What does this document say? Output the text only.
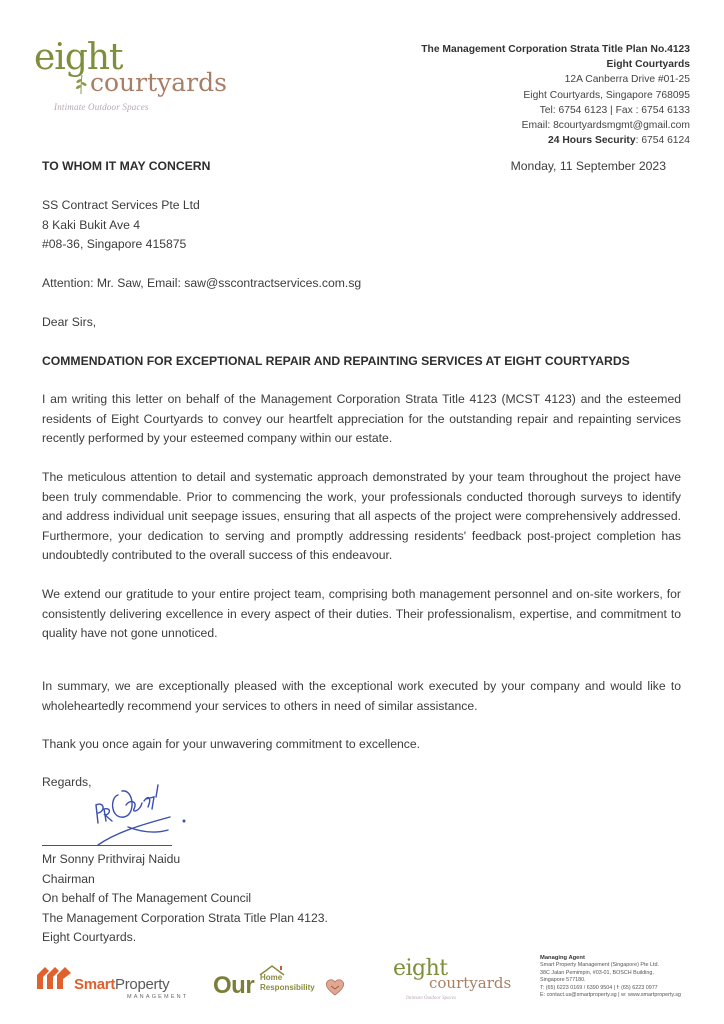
eight
courtyards
Intimate Outdoor Spaces
The Management Corporation Strata Title Plan No.4123
Eight Courtyards
12A Canberra Drive #01-25
Eight Courtyards, Singapore 768095
Tel: 6754 6123 | Fax : 6754 6133
Email: 8courtyardsmgmt@gmail.com
24 Hours Security: 6754 6124
TO WHOM IT MAY CONCERN	Monday, 11 September 2023
SS Contract Services Pte Ltd
8 Kaki Bukit Ave 4
#08-36, Singapore 415875
Attention: Mr. Saw, Email: saw@sscontractservices.com.sg
Dear Sirs,
COMMENDATION FOR EXCEPTIONAL REPAIR AND REPAINTING SERVICES AT EIGHT COURTYARDS
I am writing this letter on behalf of the Management Corporation Strata Title 4123 (MCST 4123) and the esteemed residents of Eight Courtyards to convey our heartfelt appreciation for the outstanding repair and repainting services recently performed by your esteemed company within our estate.
The meticulous attention to detail and systematic approach demonstrated by your team throughout the project have been truly commendable. Prior to commencing the work, your professionals conducted thorough surveys to identify and address individual unit seepage issues, ensuring that all aspects of the project were comprehensively addressed. Furthermore, your dedication to serving and promptly addressing residents' feedback post-project completion has undoubtedly contributed to the overall success of this endeavour.
We extend our gratitude to your entire project team, comprising both management personnel and on-site workers, for consistently delivering excellence in every aspect of their duties. Their professionalism, expertise, and commitment to quality have not gone unnoticed.
In summary, we are exceptionally pleased with the exceptional work executed by your company and would like to wholeheartedly recommend your services to others in need of similar assistance.
Thank you once again for your unwavering commitment to excellence.
Regards,
Mr Sonny Prithviraj Naidu
Chairman
On behalf of The Management Council
The Management Corporation Strata Title Plan 4123.
Eight Courtyards.
SmartProperty
MANAGEMENT Our Home
Responsibility
eight
courtyards
Intimate Outdoor Spaces
Managing Agent
Smart Property Management (Singapore) Pte Ltd.
38C Jalan Pemimpin, #03-01, BOSCH Building,
Singapore 577180.
T: (65) 6223 0169 / 6390 9504 | f: (65) 6223 0977
E: contact.us@smartproperty.sg | w: www.smartproperty.sg
